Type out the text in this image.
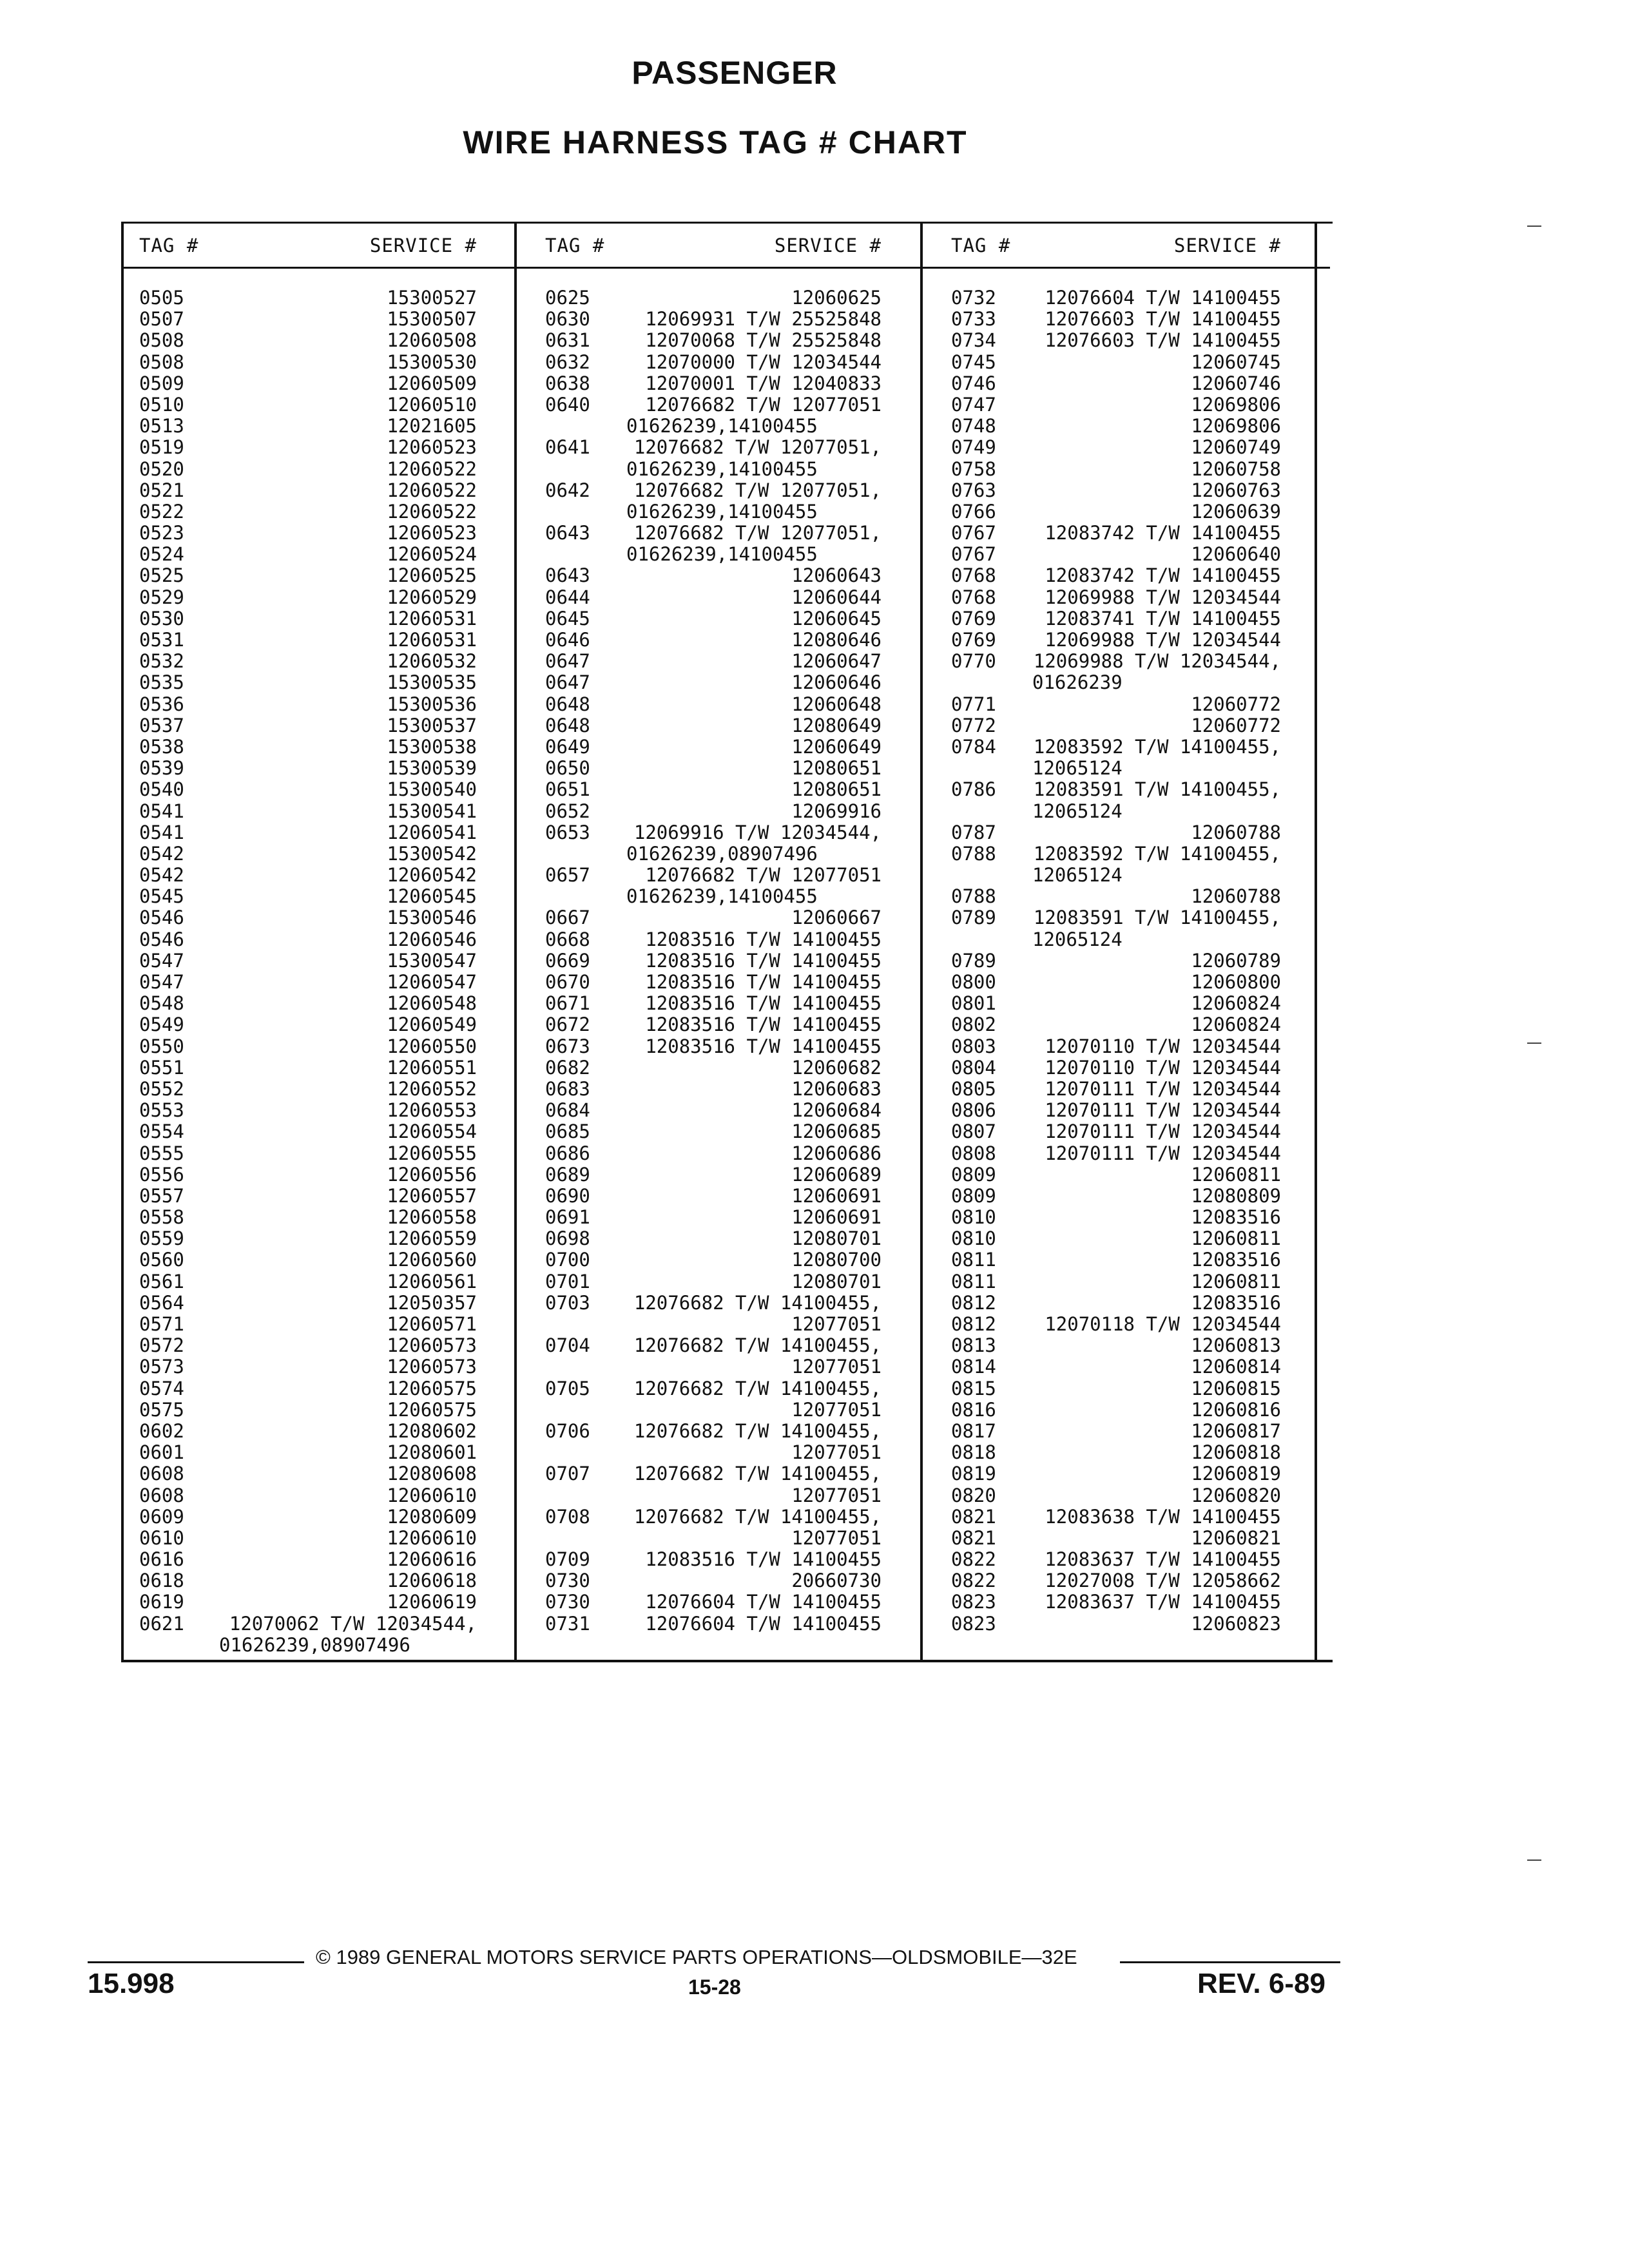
PASSENGER
WIRE HARNESS TAG # CHART
TAG #	SERVICE #
0505	15300527
0507	15300507
0508	12060508
0508	15300530
0509	12060509
0510	12060510
0513	12021605
0519	12060523
0520	12060522
0521	12060522
0522	12060522
0523	12060523
0524	12060524
0525	12060525
0529	12060529
0530	12060531
0531	12060531
0532	12060532
0535	15300535
0536	15300536
0537	15300537
0538	15300538
0539	15300539
0540	15300540
0541	15300541
0541	12060541
0542	15300542
0542	12060542
0545	12060545
0546	15300546
0546	12060546
0547	15300547
0547	12060547
0548	12060548
0549	12060549
0550	12060550
0551	12060551
0552	12060552
0553	12060553
0554	12060554
0555	12060555
0556	12060556
0557	12060557
0558	12060558
0559	12060559
0560	12060560
0561	12060561
0564	12050357
0571	12060571
0572	12060573
0573	12060573
0574	12060575
0575	12060575
0602	12080602
0601	12080601
0608	12080608
0608	12060610
0609	12080609
0610	12060610
0616	12060616
0618	12060618
0619	12060619
0621 12070062 T/W 12034544,
01626239,08907496
TAG #	SERVICE #
0625	12060625
0630	12069931 T/W 25525848
0631	12070068 T/W 25525848
0632	12070000 T/W 12034544
0638	12070001 T/W 12040833
0640	12076682 T/W 12077051
01626239,14100455
0641 12076682 T/W 12077051,
01626239,14100455
0642 12076682 T/W 12077051,
01626239,14100455
0643 12076682 T/W 12077051,
01626239,14100455
0643	12060643
0644	12060644
0645	12060645
0646	12080646
0647	12060647
0647	12060646
0648	12060648
0648	12080649
0649	12060649
0650	12080651
0651	12080651
0652	12069916
0653 12069916 T/W 12034544,
01626239,08907496
0657	12076682 T/W 12077051
01626239,14100455
0667	12060667
0668	12083516 T/W 14100455
0669	12083516 T/W 14100455
0670	12083516 T/W 14100455
0671	12083516 T/W 14100455
0672	12083516 T/W 14100455
0673	12083516 T/W 14100455
0682	12060682
0683	12060683
0684	12060684
0685	12060685
0686	12060686
0689	12060689
0690	12060691
0691	12060691
0698	12080701
0700	12080700
0701	12080701
0703 12076682 T/W 14100455,
12077051
0704 12076682 T/W 14100455,
12077051
0705 12076682 T/W 14100455,
12077051
0706 12076682 T/W 14100455,
12077051
0707 12076682 T/W 14100455,
12077051
0708 12076682 T/W 14100455,
12077051
0709	12083516 T/W 14100455
0730	20660730
0730	12076604 T/W 14100455
0731	12076604 T/W 14100455
TAG #	SERVICE #
0732	12076604 T/W 14100455
0733	12076603 T/W 14100455
0734	12076603 T/W 14100455
0745	12060745
0746	12060746
0747	12069806
0748	12069806
0749	12060749
0758	12060758
0763	12060763
0766	12060639
0767	12083742 T/W 14100455
0767	12060640
0768	12083742 T/W 14100455
0768	12069988 T/W 12034544
0769	12083741 T/W 14100455
0769	12069988 T/W 12034544
0770 12069988 T/W 12034544,
01626239
0771	12060772
0772	12060772
0784 12083592 T/W 14100455,
12065124
0786 12083591 T/W 14100455,
12065124
0787	12060788
0788 12083592 T/W 14100455,
12065124
0788	12060788
0789 12083591 T/W 14100455,
12065124
0789	12060789
0800	12060800
0801	12060824
0802	12060824
0803	12070110 T/W 12034544
0804	12070110 T/W 12034544
0805	12070111 T/W 12034544
0806	12070111 T/W 12034544
0807	12070111 T/W 12034544
0808	12070111 T/W 12034544
0809	12060811
0809	12080809
0810	12083516
0810	12060811
0811	12083516
0811	12060811
0812	12083516
0812	12070118 T/W 12034544
0813	12060813
0814	12060814
0815	12060815
0816	12060816
0817	12060817
0818	12060818
0819	12060819
0820	12060820
0821	12083638 T/W 14100455
0821	12060821
0822	12083637 T/W 14100455
0822	12027008 T/W 12058662
0823	12083637 T/W 14100455
0823	12060823
© 1989 GENERAL MOTORS SERVICE PARTS OPERATIONS—OLDSMOBILE—32E
15.998	15-28	REV. 6-89
